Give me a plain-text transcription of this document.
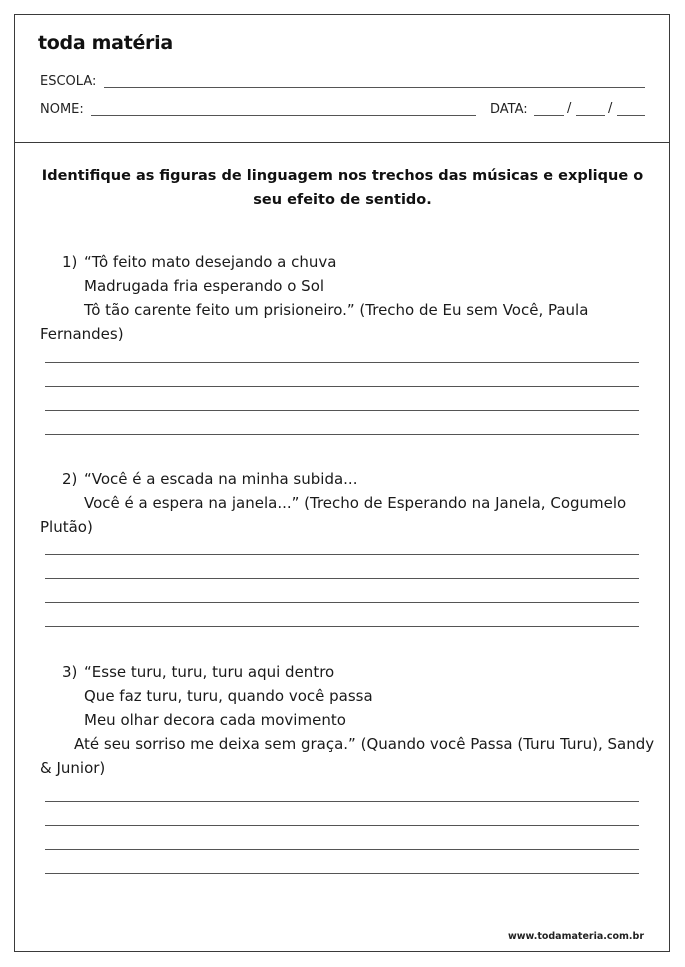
toda matéria
ESCOLA:
NOME:	DATA:	/	/
Identifique as figuras de linguagem nos trechos das músicas e explique o
seu efeito de sentido.
1) “Tô feito mato desejando a chuva
Madrugada fria esperando o Sol
Tô tão carente feito um prisioneiro.” (Trecho de Eu sem Você, Paula
Fernandes)
2) “Você é a escada na minha subida...
Você é a espera na janela...” (Trecho de Esperando na Janela, Cogumelo
Plutão)
3) “Esse turu, turu, turu aqui dentro
Que faz turu, turu, quando você passa
Meu olhar decora cada movimento
Até seu sorriso me deixa sem graça.” (Quando você Passa (Turu Turu), Sandy
& Junior)
www.todamateria.com.br
